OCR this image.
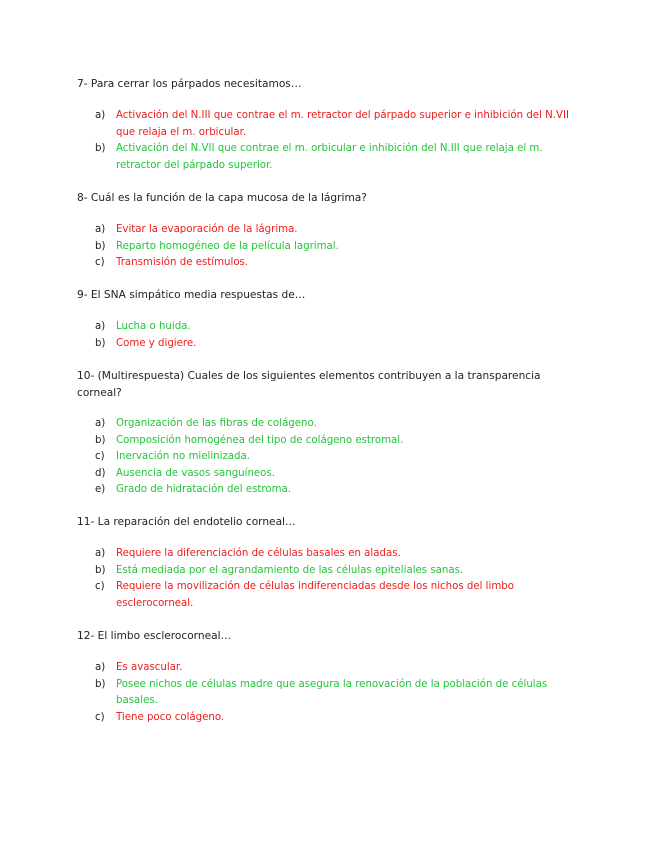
7- Para cerrar los párpados necesitamos…

a)	Activación del N.III que contrae el m. retractor del párpado superior e inhibición del N.VII que relaja el m. orbicular.
b)	Activación del N.VII que contrae el m. orbicular e inhibición del N.III que relaja el m. retractor del párpado superior.

8- Cuál es la función de la capa mucosa de la lágrima?

a)	Evitar la evaporación de la lágrima.
b)	Reparto homogéneo de la película lagrimal.
c)	Transmisión de estímulos.

9- El SNA simpático media respuestas de…

a)	Lucha o huida.
b)	Come y digiere.

10- (Multirespuesta) Cuales de los siguientes elementos contribuyen a la transparencia corneal?

a)	Organización de las fibras de colágeno.
b)	Composición homogénea del tipo de colágeno estromal.
c)	Inervación no mielinizada.
d)	Ausencia de vasos sanguíneos.
e)	Grado de hidratación del estroma.

11- La reparación del endotelio corneal…

a)	Requiere la diferenciación de células basales en aladas.
b)	Está mediada por el agrandamiento de las células epiteliales sanas.
c)	Requiere la movilización de células indiferenciadas desde los nichos del limbo esclerocorneal.

12- El limbo esclerocorneal…

a)	Es avascular.
b)	Posee nichos de células madre que asegura la renovación de la población de células basales.
c)	Tiene poco colágeno.
